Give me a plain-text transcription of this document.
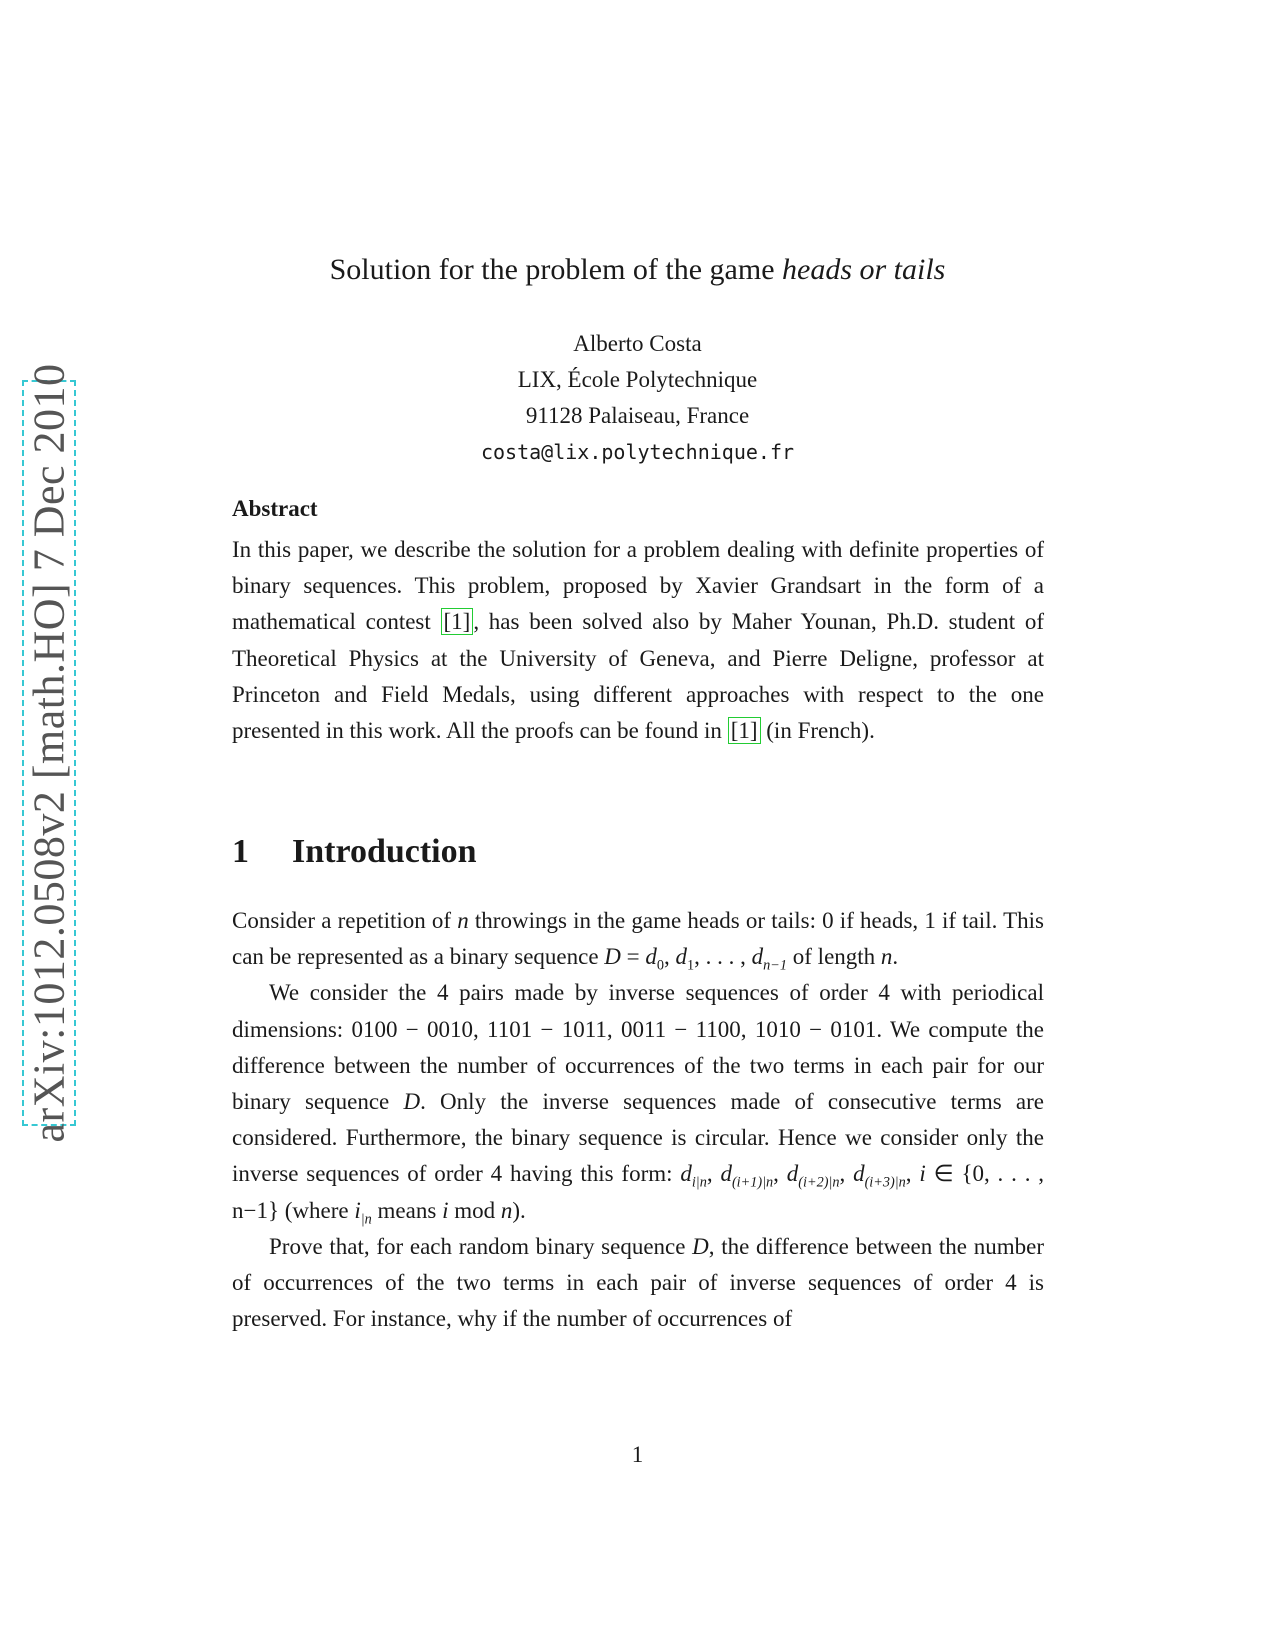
arXiv:1012.0508v2 [math.HO] 7 Dec 2010
Solution for the problem of the game heads or tails
Alberto Costa
LIX, École Polytechnique
91128 Palaiseau, France
costa@lix.polytechnique.fr
Abstract
In this paper, we describe the solution for a problem dealing with definite properties of binary sequences. This problem, proposed by Xavier Grandsart in the form of a mathematical contest [1] , has been solved also by Maher Younan, Ph.D. student of Theoretical Physics at the University of Geneva, and Pierre Deligne, professor at Princeton and Field Medals, using different approaches with respect to the one presented in this work. All the proofs can be found in [1] (in French).
1 Introduction

Consider a repetition of n throwings in the game heads or tails: 0 if heads, 1 if tail. This can be represented as a binary sequence $D = d_0$, $d_1$, . . . , $d_{n-1}$ of length n.

We consider the 4 pairs made by inverse sequences of order 4 with periodical dimensions: 0100 − 0010, 1101 − 1011, 0011 − 1100, 1010 − 0101. We compute the difference between the number of occurrences of the two terms in each pair for our binary sequence D. Only the inverse sequences made of consecutive terms are considered. Furthermore, the binary sequence is circular. Hence we consider only the inverse sequences of order 4 having this form: $d_{i|n}$, $d_{(i+1)|n}$, $d_{(i+2)|n}$, $d_{(i+3)|n}$, i ∈ {0, . . . , n−1} (where $i_{|n}$ means i mod n).

Prove that, for each random binary sequence D, the difference between the number of occurrences of the two terms in each pair of inverse sequences of order 4 is preserved. For instance, why if the number of occurrences of

1
